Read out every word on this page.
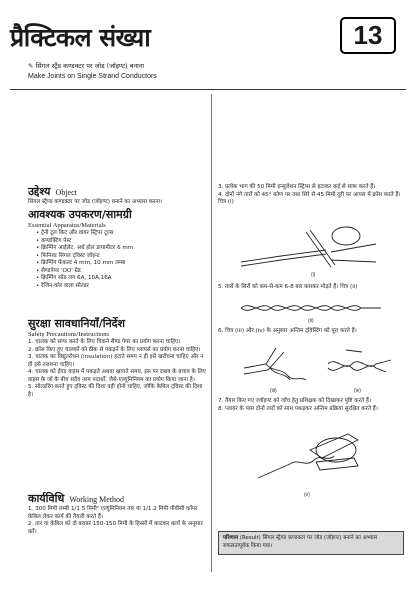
प्रैक्टिकल संख्या	13
✎ सिंगल स्ट्रैंड कण्डक्टर पर जोड (जॉइण्ट) बनाना
Make Joints on Single Strand Conductors
उद्देश्य Object
सिंगल स्ट्रैण्ड कण्डक्टर पर जोड (जॉइण्ट) बनाने का अभ्यास करना।
आवश्यक उपकरण/सामग्री
Essential Apparatus/Materials
• ट्रेनी टूल किट और वायर स्ट्रिपर टूल्स
• कण्डक्टिंग पेस्ट
• क्रिम्पिंग आईलेट, अर्ध होल डायामीटर 6 mm
• फिनिश्ड सिंगल ट्विस्ट जॉइन्ट
• क्रिम्पिंग फेकल्ट 4 mm, 10 mm लम्बा
• सैण्डपेपर 'OO' ग्रेड
• क्रिम्पिंग स्प्रेड लग 6A, 10A,16A
• रेजिन-कोर वाला सोल्डर
सुरक्षा सावधानियाँ/निर्देश
Safety Precautions/Instructions
1. चालक को साफ करते के लिए चिकने सैण्ड पेपर का प्रयोग करना चाहिए।
2. क्रॉस किए हुए चालकों को ठीक से पकड़ने के लिए प्लायर्स का प्रयोग करना चाहिए।
3. चालक का विद्युतरोधन (insulation) हटाते समय न ही इसे खरोंचना चाहिए और न ही इसे तराशना चाहिए।
4. चालक को ईंगड वाइस में पकड़ते अथवा खाचते समय, इस पर दबाव के बचाव के लिए वाइस के जॉ के बीच सदैव नरम पदार्थों, जैसे-एल्युमिनियम का प्रयोग किया जाना है।
5. सोल्डरिंग करते हुए ट्विस्ट की दिशा वही होनी चाहिए, जोकि केबिल ट्विस्ट की दिशा है।
कार्यविधि Working Method
1. 300 मिमी लम्बी 1/1.5 मिमी² एल्युमिनियम तार या 1/1.2 मिमी पीवीसी कॉपर केबिल लेकर कार्य की तैयारी करते हैं।
2. तार या केबिल को दो बराबर 150-150 मिमी के हिस्सों में काटकर कार्य के अनुसार करें।
3. प्रत्येक भाग की 50 मिमी इन्सुलेशन स्ट्रिप्स से हटाकर कई से साफ करते हैं।
4. दोनों नंगे तारों को 45° कोण पर तथा सिरे से 45 मिमी दूरी पर आपस में क्रॉस करते हैं। चित्र (i)
(i)
5. तारों के सिरों को कम-से-कम 6-8 बार कसकर मोड़ते हैं। चित्र (ii)
(ii)
6. चित्र (iii) और (iv) के अनुसार अन्तिम ट्विस्टिंग को पूरा करते हैं।
(iii)	(iv)
7. तैयार किए गए ज्वॉइण्ट को जाँच हेतु प्रशिक्षक को दिखाकर पुष्टि करते हैं।
8. प्लायर के पास दोनों तारों को साथ पकड़कर अन्तिम प्रक्रिया सुरक्षित करते हैं।
(v)
परिणाम (Result) सिंगल स्ट्रैण्ड कण्डक्टर पर जोड (जॉइण्ट) बनाने का अभ्यास सफलतापूर्वक किया गया।
